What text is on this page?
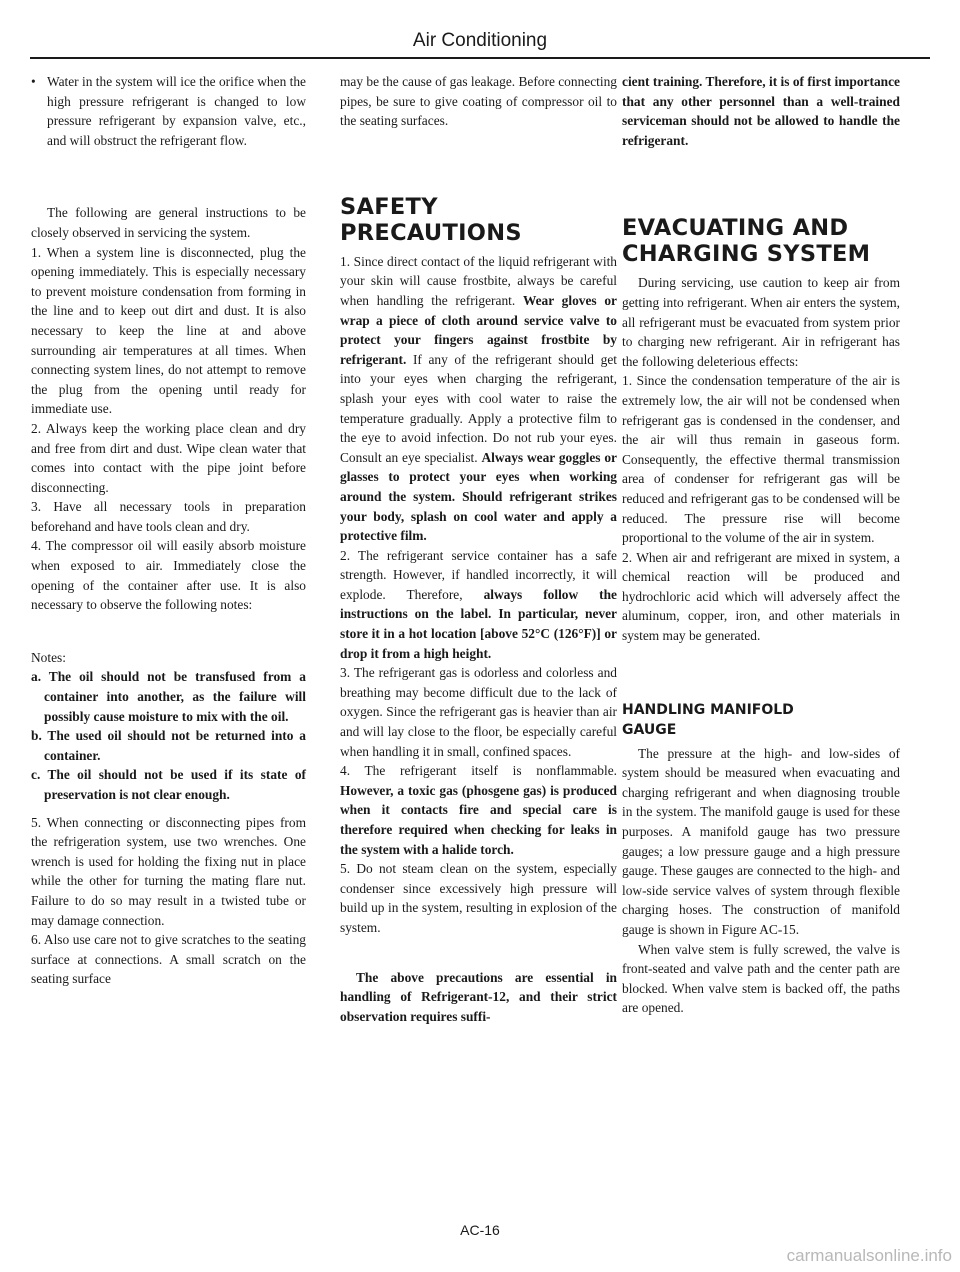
Air Conditioning

• Water in the system will ice the orifice when the high pressure refrigerant is changed to low pressure refrigerant by expansion valve, etc., and will obstruct the refrigerant flow.

The following are general instructions to be closely observed in servicing the system.

1. When a system line is disconnected, plug the opening immediately. This is especially necessary to prevent moisture condensation from forming in the line and to keep out dirt and dust. It is also necessary to keep the line at and above surrounding air temperatures at all times. When connecting system lines, do not attempt to remove the plug from the opening until ready for immediate use.

2. Always keep the working place clean and dry and free from dirt and dust. Wipe clean water that comes into contact with the pipe joint before disconnecting.

3. Have all necessary tools in preparation beforehand and have tools clean and dry.

4. The compressor oil will easily absorb moisture when exposed to air. Immediately close the opening of the container after use. It is also necessary to observe the following notes:

Notes:

a. The oil should not be transfused from a container into another, as the failure will possibly cause moisture to mix with the oil.

b. The used oil should not be returned into a container.

c. The oil should not be used if its state of preservation is not clear enough.

5. When connecting or disconnecting pipes from the refrigeration system, use two wrenches. One wrench is used for holding the fixing nut in place while the other for turning the mating flare nut. Failure to do so may result in a twisted tube or may damage connection.

6. Also use care not to give scratches to the seating surface at connections. A small scratch on the seating surface

may be the cause of gas leakage. Before connecting pipes, be sure to give coating of compressor oil to the seating surfaces.

SAFETY
PRECAUTIONS

1. Since direct contact of the liquid refrigerant with your skin will cause frostbite, always be careful when handling the refrigerant. Wear gloves or wrap a piece of cloth around service valve to protect your fingers against frostbite by refrigerant. If any of the refrigerant should get into your eyes when charging the refrigerant, splash your eyes with cool water to raise the temperature gradually. Apply a protective film to the eye to avoid infection. Do not rub your eyes. Consult an eye specialist. Always wear goggles or glasses to protect your eyes when working around the system. Should refrigerant strikes your body, splash on cool water and apply a protective film.

2. The refrigerant service container has a safe strength. However, if handled incorrectly, it will explode. Therefore, always follow the instructions on the label. In particular, never store it in a hot location [above 52°C (126°F)] or drop it from a high height.

3. The refrigerant gas is odorless and colorless and breathing may become difficult due to the lack of oxygen. Since the refrigerant gas is heavier than air and will lay close to the floor, be especially careful when handling it in small, confined spaces.

4. The refrigerant itself is nonflammable. However, a toxic gas (phosgene gas) is produced when it contacts fire and special care is therefore required when checking for leaks in the system with a halide torch.

5. Do not steam clean on the system, especially condenser since excessively high pressure will build up in the system, resulting in explosion of the system.

The above precautions are essential in handling of Refrigerant-12, and their strict observation requires suffi-

cient training. Therefore, it is of first importance that any other personnel than a well-trained serviceman should not be allowed to handle the refrigerant.

EVACUATING AND
CHARGING SYSTEM

During servicing, use caution to keep air from getting into refrigerant. When air enters the system, all refrigerant must be evacuated from system prior to charging new refrigerant. Air in refrigerant has the following deleterious effects:

1. Since the condensation temperature of the air is extremely low, the air will not be condensed when refrigerant gas is condensed in the condenser, and the air will thus remain in gaseous form. Consequently, the effective thermal transmission area of condenser for refrigerant gas will be reduced and refrigerant gas to be condensed will be reduced. The pressure rise will become proportional to the volume of the air in system.

2. When air and refrigerant are mixed in system, a chemical reaction will be produced and hydrochloric acid which will adversely affect the aluminum, copper, iron, and other materials in system may be generated.

HANDLING MANIFOLD
GAUGE

The pressure at the high- and low-sides of system should be measured when evacuating and charging refrigerant and when diagnosing trouble in the system. The manifold gauge is used for these purposes. A manifold gauge has two pressure gauges; a low pressure gauge and a high pressure gauge. These gauges are connected to the high- and low-side service valves of system through flexible charging hoses. The construction of manifold gauge is shown in Figure AC-15.

When valve stem is fully screwed, the valve is front-seated and valve path and the center path are blocked. When valve stem is backed off, the paths are opened.

AC-16
carmanualsonline.info
